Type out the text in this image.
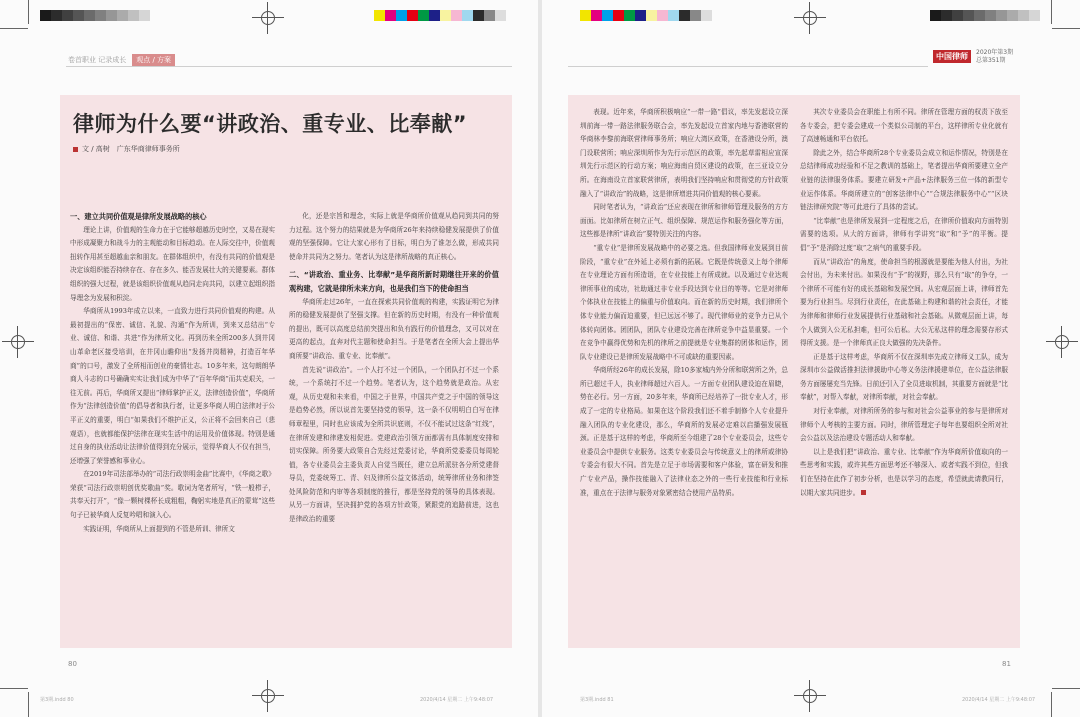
卷首职业 记录成长	观点 / 方案	中国律师	2020年第3期
总第351期
律师为什么要“讲政治、重专业、比奉献”
文 / 高树　广东华商律师事务所
一、建立共同价值观是律所发展战略的核心

理论上讲，价值观的生命力在于它能够超越历史时空，又易在现实中形成凝聚力和战斗力的主观能动和目标趋动。在人际交往中，价值观扭转作用甚至超越血亲和朋友。在群体组织中，有没有共同的价值观是决定该组织能否持续存在、存在多久、能否发展壮大的关键要素。群体组织的强大过程，就是该组织价值观从趋同走向共同，以建立起组织指导理念为发展和积淀。

华商所从1993年成立以来，一直致力进行共同价值观的构建。从最初提出的“保密、诚信、礼貌、沟通”作为所训，到来又总结出“专业、诚信、和谐、共进”作为律所文化。再到历来全所200多人到井冈山革命老区接受培训，在井冈山瞻仰出“发扬井岗精神，打造百年华商”的口号，激发了全所相而创业的豪情壮志。10多年来，这句朗朗华商人斗志的口号确确实实让我们成为中华了“百年华商”而共克艰关，一往无前。再后，华商所又提出“律师掌护正义，法律创造价值”，华商所作为“法律创造价值”的倡导者和执行者，让更多华商人明白法律对于公平正义的重要，明白“如果我们不维护正义，公正将不会回来自己（悲观语），也就都能保护法律在现实生活中的运用及价值体现。特别是通过自身的执业活动让法律价值得到充分展示，觉得华商人不仅有担当，还增强了荣誉感和事业心。

在2019年司法部举办的“司法行政崇明金曲”比赛中，《华商之歌》荣获“司法行政崇明创优奖歌曲”奖。歌词为笔者所写，“铁一般栉子，共奉天打开”，“像一颗树棵杯长成粗粗，鞠躬实地是真正的蒙茸”这些句子已被华商人反复吟唱和演入心。

实践证明，华商所从上面提到的不管是所训、律所文

化，还是宗旨和理念，实际上就是华商所价值观从趋同到共同的努力过程。这个努力的结果就是为华商所26年来持续稳健发展提供了价值观的坚强保障。它让大家心形有了目标，明白为了谁怎么做，形成共同使命并共同为之努力。笔者认为这是律所战略的真正核心。

二、“讲政治、重业务、比奉献”是华商所新时期继往开来的价值观构建，它就是律所未来方向，也是我们当下的使命担当

华商所走过26年，一直在探索共同价值观的构建，实践证明它为律所的稳健发展提供了坚强支撑。但在新的历史时期，有没有一种价值观的提出，既可以高度总结前突提出和负有践行的价值理念，又可以对在更高的起点，直奔对代主题和使命担当。于是笔者在全所大会上提出华商所要“讲政治、重专业、比奉献”。

首先说“讲政治”。一个人打不过一个团队，一个团队打不过一个系统，一个系统打不过一个趋势。笔者认为，这个趋势就是政治。从宏观，从历史观和未来看，中国之于世界，中国共产党之于中国的领导这是趋势必然，所以说首先要坚持党的领导，这一条不仅明明白白写在律师章程里，同时也应该成为全所共识底则，不仅不能试过这条“红线”，在律所发建和律建发相促进。党建政治引领方面都需有具体制度安排和切实保障。所务要大政策自合先经过党委讨论，华商所党委委员每周轮值，各专业委员会主委负责人自觉当既任，建立总所派驻各分所党建督导员，党委统筹工、青、妇及律所公益文体活动，统筹律所业务和律签处风险防范和内审等各项制度的推行，都是坚持党的领导的具体表现。从另一方面讲，坚决拥护党的各项方针政策，紧跟党的追路前进，这也是律政治的重要

表现。近年来，华商所积极响应“一带一路”倡议，率先发起设立深圳前海一带一路法律服务联合会，率先发起设立首家内地与香港联营的华商林李黎前海联营律师事务所；响应大湾区政策，在香港设分所，澳门设联营所；响应深圳所作为先行示范区的政策，率先起草雷相应宣深圳先行示范区的行动方案；响应海南自贸区建设的政策，在三亚设立分所。在海南设立首家联营律所，表明我们坚持响应和贯彻党的方针政策融入了“讲政治”的战略，这是律所增进共同价值观的核心要素。

同时笔者认为，“讲政治”还应表现在律所和律师管理及服务的方方面面。比如律所在树立正气、组织保障、规范运作和服务强化等方面，这些都是律所“讲政治”要特别关注的内容。

“重专业”是律所发展战略中的必要之选。但我国律师业发展到目前阶段，“重专业”在外延上必须有新的拓展。它既是传统意义上每个律师在专业理论方面有所造诣，在专业技能上有所成就。以及通过专业达观律所事业的成功，社助通过非专业手段达到专业目的等等。它是对律师个体执业在技能上的偏重与价值取向。而在新的历史时期，我们律所个体专业能力偏而迫重要，但已远远不够了。现代律师业的竞争力已从个体转向团体。团团队，团队专业建设完善在律所竞争中益显重要。一个在竞争中赢得优势和先机的律所之前提就是专业集群的团体和运作，团队专业建设已是律所发展战略中不可或缺的重要因素。

华商所经26年的成长发展，除10多家城内外分所和联营所之外，总所已超过千人，执业律师超过六百人。一方面专业团队建设迫在眉睫，势在必行。另一方面，20多年来，华商所已经培养了一批专业人才，形成了一定的专业格局。如果在这个阶段我们还不着手制修个人专业提升融入团队的专业化建设，那么，华商所的发展必定难以启播强发展瓶颈。正是基于这样的考虑，华商所至今组建了28个专业委员会，这些专业委员会中提供专业服务。这类专业委员会与传统意义上的律所或律协专委会有很大不同。首先是立足于市场需要和客户体验，富在研发和推广专业产品，操作技能融入了法律业态之外的一些行业技能和行业标准，重点在于法律与服务对象紧密结合使用产品特质。

其次专业委员会在职能上有所不同。律所在管理方面的权责下放至各专委会，把专委会建成一个类似公司制的平台，这样律所专业化就有了高速畅通和平台依托。

除此之外，结合华商所28个专业委员会成立和运作情况，特别是在总结律师成功经验和不足之教训的基础上，笔者提出华商所要建立全产业链的法律服务体系。要建立研发+产品+法律服务三位一体的新型专业运作体系。华商所建立的“创客法律中心”“合规法律服务中心”“区块链法律研究院”等可此进行了具体的尝试。

“比奉献”也是律所发展到一定程度之后，在律所价值取向方面特别需要的选项。从大的方面讲，律师有学讲究“取”和“予”的平衡。提倡“予”是消除过度“取”之病气的重要手段。

而从“讲政治”的角度，使命担当的根源就是要能为他人付出，为社会付出，为未来付出。如果没有“予”的视野，那么只有“取”的争夺，一个律所不可能有好的成长基础和发展空间。从宏观层面上讲，律师首先要为行业担当。尽到行业责任，在此基础上构建和谐的社会责任，才能为律师和律师行业发展提供行业基础和社会基础。从微观层面上讲，每个人做到入公无私担难，但可公后私。大公无私这样的理念需要存形式得所支援。是一个律师真正良大做强的先决条件。

正是基于这样考虑，华商所不仅在深圳率先成立律师义工队，成为深圳市公益做活推担法律援助中心等义务法律援建单位，在公益法律服务方面屡屡充当先锋。日前还引入了全员进取机制，其重要方面就是“比奉献”，对帮入奉献，对律所奉献，对社会奉献。

对行业奉献，对律所所务的参与和对社会公益事业的参与是律所对律师个人考核的主要方面。同时，律所管理定子每年也要组织全所对社会公益以及法治建设专题活动人和奉献。

以上是我们把“讲政治、重专业、比奉献”作为华商所价值取向的一些思考和实践，或许其些方面思考还不够深入、或者实践不到位，但我们在坚持在此作了初步分析，也是以学习的态度，希望就此请教同行，以期大家共同进步。

80	81
第3期.indd 80	2020/4/14 星期二 上午9:48:07	第3期.indd 81	2020/4/14 星期二 上午9:48:07
